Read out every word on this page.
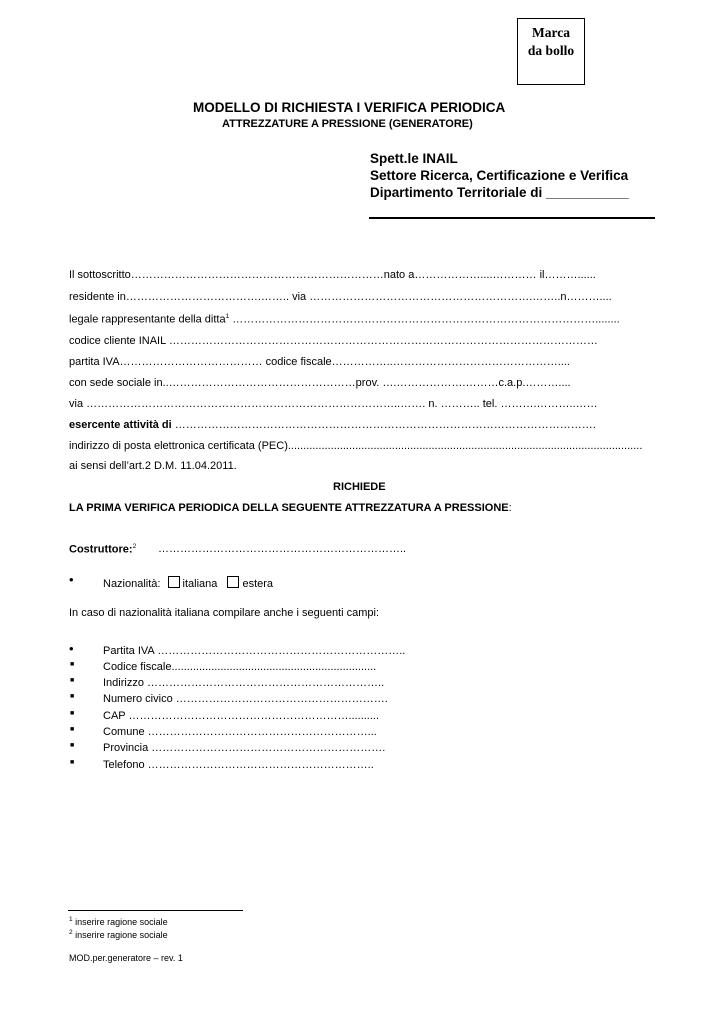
Marca
da bollo
MODELLO DI RICHIESTA I VERIFICA PERIODICA
ATTREZZATURE A PRESSIONE (GENERATORE)
Spett.le INAIL
Settore Ricerca, Certificazione e Verifica
Dipartimento Territoriale di ___________
Il sottoscritto……………………………………………………………nato a………………....………… il………......
residente in……………………………….…….. via …………………………………………………….……..n………....
legale rappresentante della ditta$^1$ ………………………………………………………………………………………........
codice cliente INAIL ………………………………………………………………………………………………………
partita IVA………………………………… codice fiscale……………..………………………………………....
con sede sociale in..……………………………………………prov. ….……………….………c.a.p.………....
via …………………………………………………………………………..……. n. ……….. tel. ……….………..……
esercente attività di …………………………………………………………………………………………………….
indirizzo di posta elettronica certificata (PEC)....................................................................................................................
ai sensi dell’art.2 D.M. 11.04.2011.
RICHIEDE
LA PRIMA VERIFICA PERIODICA DELLA SEGUENTE ATTREZZATURA A PRESSIONE:
Costruttore:$^2$ …………………………………………………………..
•	Nazionalità: italiana estera
In caso di nazionalità italiana compilare anche i seguenti campi:
•	Partita IVA …………………………………………………………..
■	Codice fiscale...................................................................
■	Indirizzo ………………………………………………………..
■	Numero civico ………………………………………………….
■	CAP ……………………………………………………..........
■	Comune ……………………………………………………...
■	Provincia ……………………………………………………….
■	Telefono ……………………………………………………..
$^1$ inserire ragione sociale
$^2$ inserire ragione sociale
MOD.per.generatore – rev. 1
